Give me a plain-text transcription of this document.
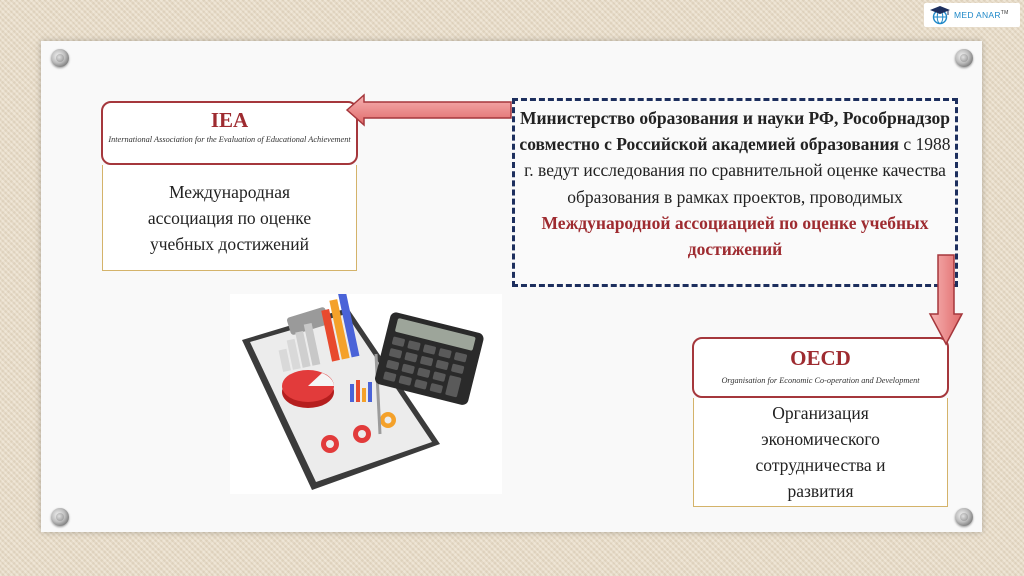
MED ANAR™
IEA
International Association for the Evaluation of Educational Achievement
Международная ассоциация по оценке учебных достижений
OECD
Organisation for Economic Co-operation and Development
Организация экономического сотрудничества и развития
Министерство образования и науки РФ, Рособрнадзор совместно с Российской академией образования с 1988 г. ведут исследования по сравнительной оценке качества образования в рамках проектов, проводимых Международной ассоциацией по оценке учебных достижений
